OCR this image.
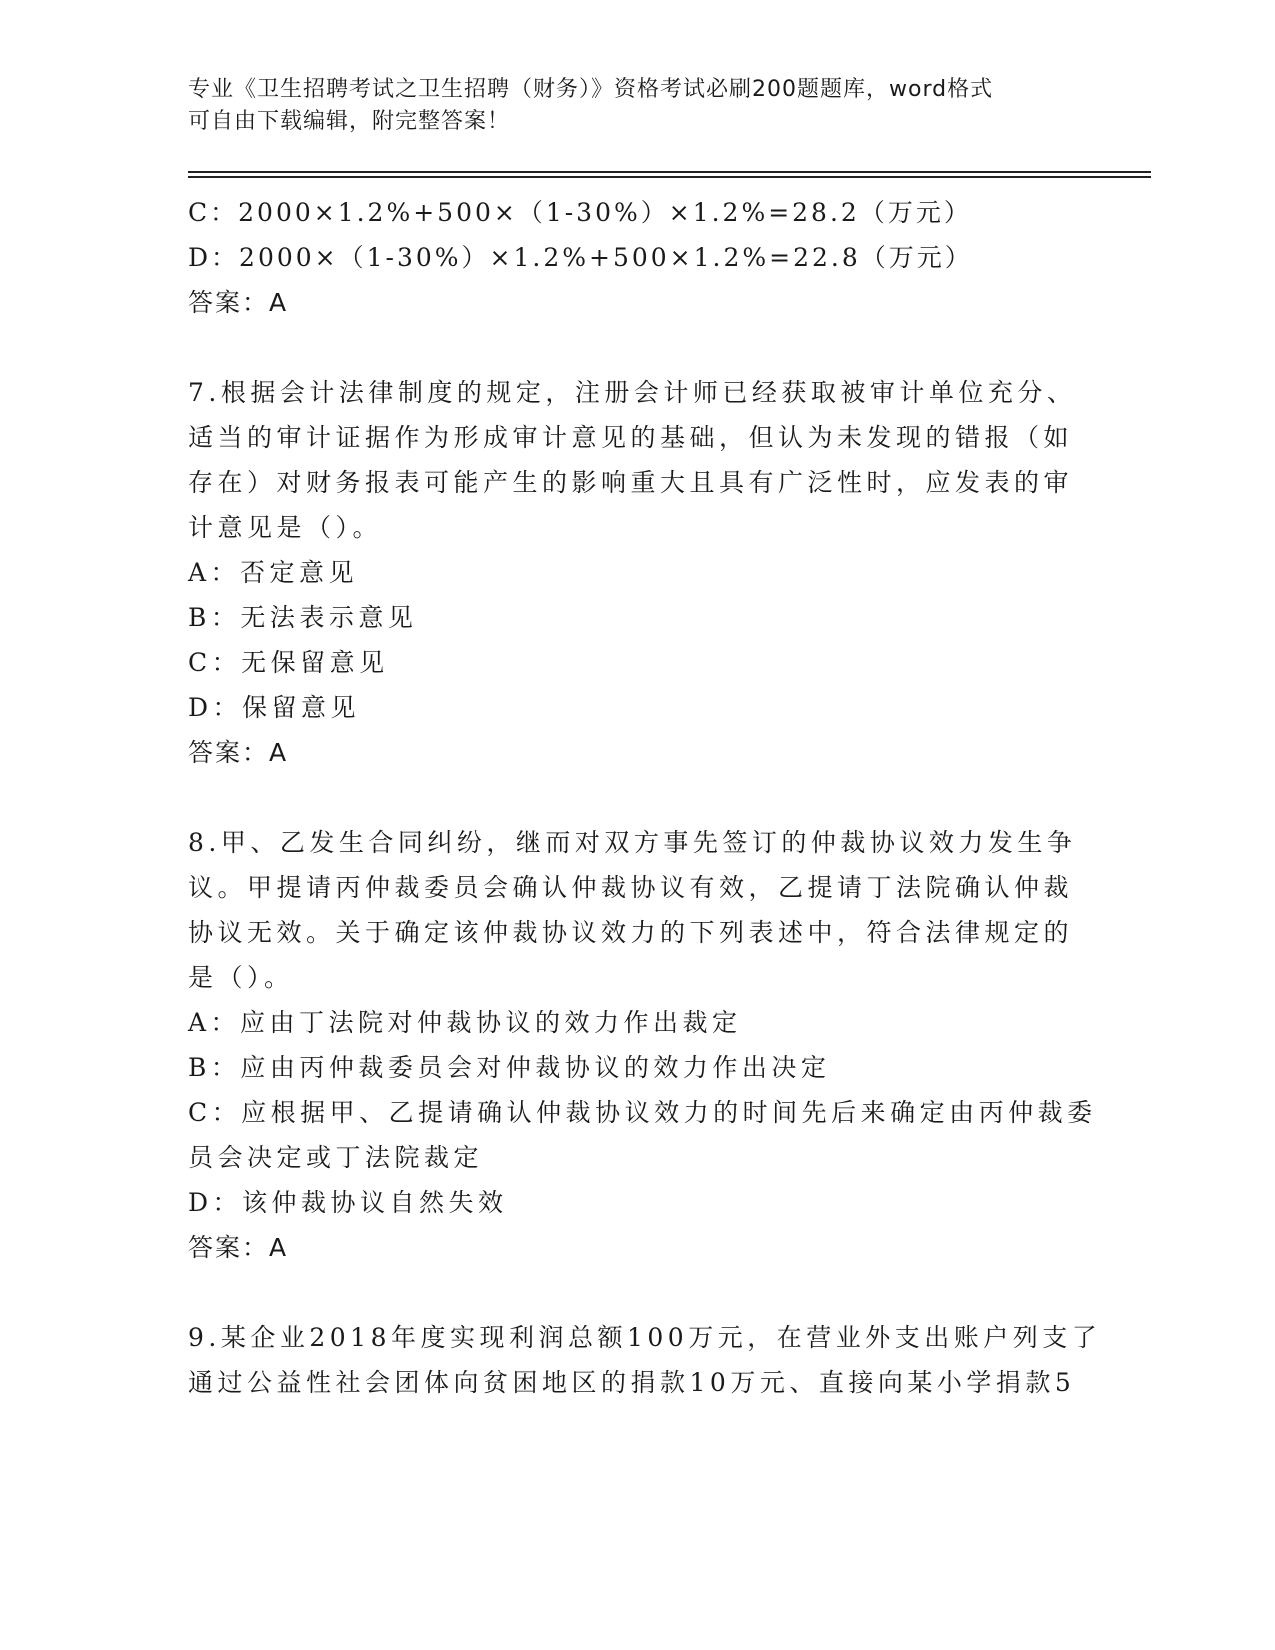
专业《卫生招聘考试之卫生招聘（财务）》资格考试必刷200题题库，word格式
可自由下载编辑，附完整答案！
C：2000×1.2%+500×（1-30%）×1.2%=28.2（万元）
D：2000×（1-30%）×1.2%+500×1.2%=22.8（万元）
答案：A
7.根据会计法律制度的规定，注册会计师已经获取被审计单位充分、
适当的审计证据作为形成审计意见的基础，但认为未发现的错报（如
存在）对财务报表可能产生的影响重大且具有广泛性时，应发表的审
计意见是（）。
A：否定意见
B：无法表示意见
C：无保留意见
D：保留意见
答案：A
8.甲、乙发生合同纠纷，继而对双方事先签订的仲裁协议效力发生争
议。甲提请丙仲裁委员会确认仲裁协议有效，乙提请丁法院确认仲裁
协议无效。关于确定该仲裁协议效力的下列表述中，符合法律规定的
是（）。
A：应由丁法院对仲裁协议的效力作出裁定
B：应由丙仲裁委员会对仲裁协议的效力作出决定
C：应根据甲、乙提请确认仲裁协议效力的时间先后来确定由丙仲裁委
员会决定或丁法院裁定
D：该仲裁协议自然失效
答案：A
9.某企业2018年度实现利润总额100万元，在营业外支出账户列支了
通过公益性社会团体向贫困地区的捐款10万元、直接向某小学捐款5
